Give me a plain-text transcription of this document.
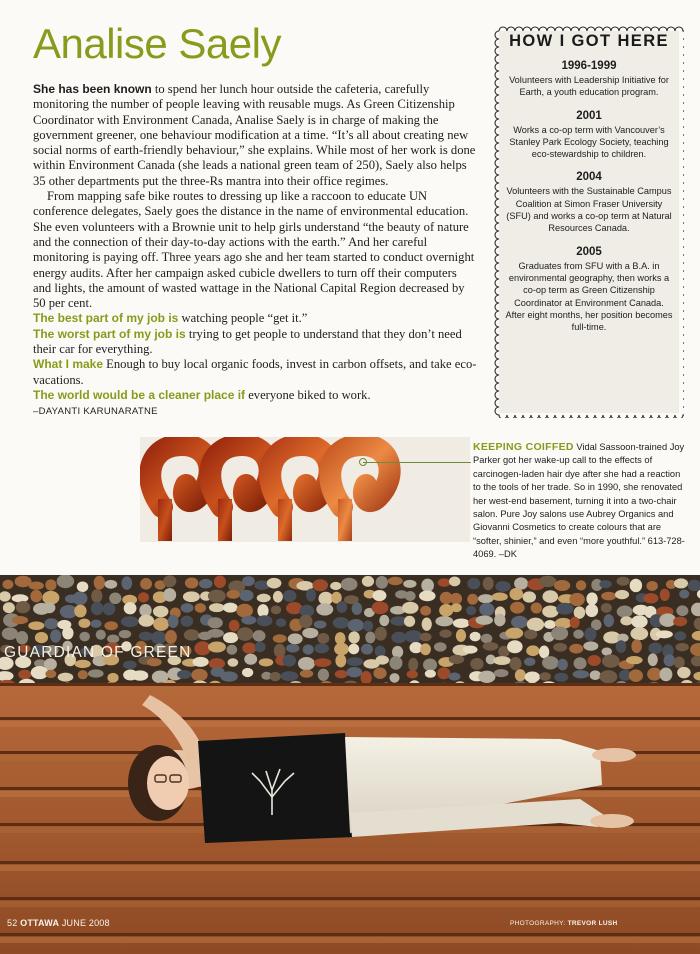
Analise Saely

She has been known to spend her lunch hour outside the cafeteria, carefully monitoring the number of people leaving with reusable mugs. As Green Citizenship Coordinator with Environment Canada, Analise Saely is in charge of making the government greener, one behaviour modification at a time. “It’s all about creating new social norms of earth-friendly behaviour,” she explains. While most of her work is done within Environment Canada (she leads a national green team of 250), Saely also helps 35 other departments put the three-Rs mantra into their office regimes.

From mapping safe bike routes to dressing up like a raccoon to educate UN conference delegates, Saely goes the distance in the name of environmental education. She even volunteers with a Brownie unit to help girls understand “the beauty of nature and the connection of their day-to-day actions with the earth.” And her careful monitoring is paying off. Three years ago she and her team started to conduct overnight energy audits. After her campaign asked cubicle dwellers to turn off their computers and lights, the amount of wasted wattage in the National Capital Region decreased by 50 per cent.

The best part of my job is watching people “get it.”

The worst part of my job is trying to get people to understand that they don’t need their car for everything.

What I make Enough to buy local organic foods, invest in carbon offsets, and take eco-vacations.

The world would be a cleaner place if everyone biked to work.

–DAYANTI KARUNARATNE
HOW I GOT HERE
1996-1999
Volunteers with Leadership Initiative for Earth, a youth education program.
2001
Works a co-op term with Vancouver’s Stanley Park Ecology Society, teaching eco-stewardship to children.
2004
Volunteers with the Sustainable Campus Coalition at Simon Fraser University (SFU) and works a co-op term at Natural Resources Canada.
2005
Graduates from SFU with a B.A. in environmental geography, then works a co-op term as Green Citizenship Coordinator at Environment Canada. After eight months, her position becomes full-time.
KEEPING COIFFED Vidal Sassoon-trained Joy Parker got her wake-up call to the effects of carcinogen-laden hair dye after she had a reaction to the tools of her trade. So in 1990, she renovated her west-end basement, turning it into a two-chair salon. Pure Joy salons use Aubrey Organics and Giovanni Cosmetics to create colours that are “softer, shinier,” and even “more youthful.” 613-728-4069. –DK
GUARDIAN OF GREEN
52 OTTAWA JUNE 2008	PHOTOGRAPHY: TREVOR LUSH
